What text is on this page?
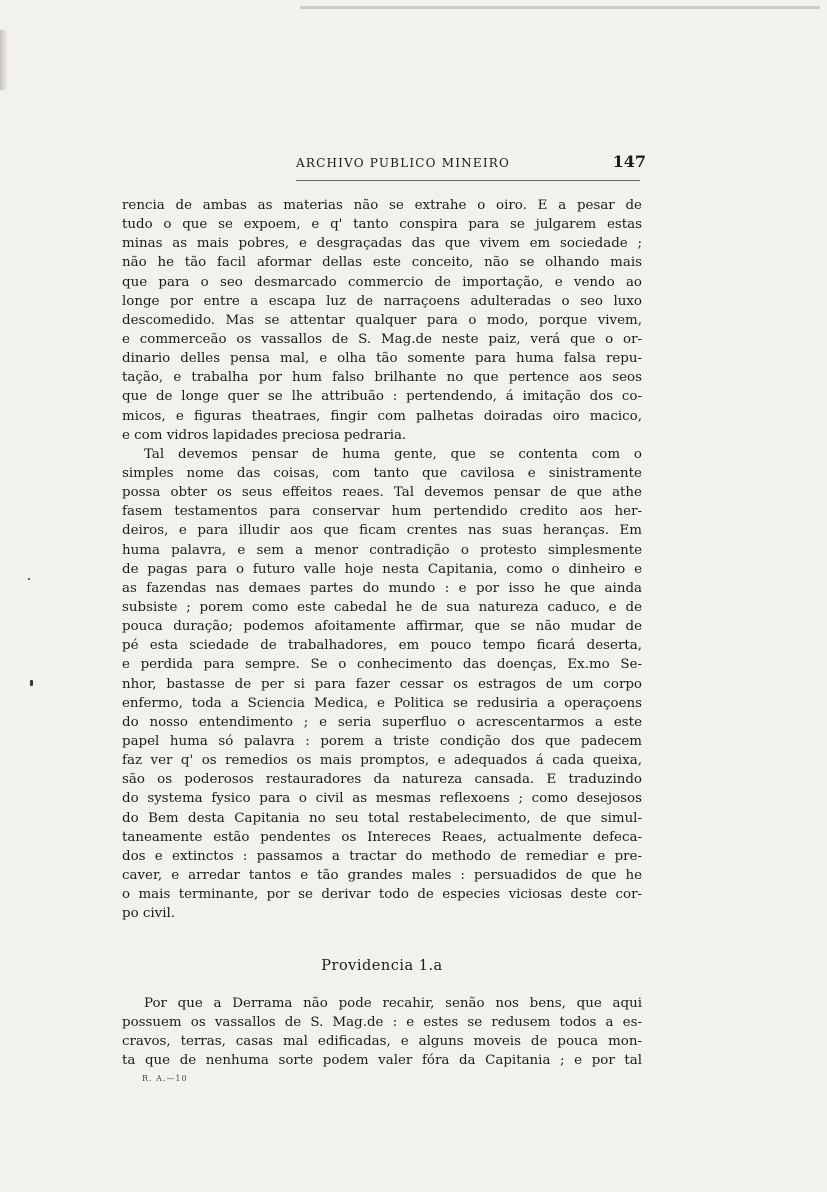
ARCHIVO PUBLICO MINEIRO	147
rencia de ambas as materias não se extrahe o oiro. E a pesar de
tudo o que se expoem, e q' tanto conspira para se julgarem estas
minas as mais pobres, e desgraçadas das que vivem em sociedade ;
não he tão facil aformar dellas este conceito, não se olhando mais
que para o seo desmarcado commercio de importação, e vendo ao
longe por entre a escapa luz de narraçoens adulteradas o seo luxo
descomedido. Mas se attentar qualquer para o modo, porque vivem,
e commerceão os vassallos de S. Mag.de neste paiz, verá que o or-
dinario delles pensa mal, e olha tão somente para huma falsa repu-
tação, e trabalha por hum falso brilhante no que pertence aos seos
que de longe quer se lhe attribuão : pertendendo, á imitação dos co-
micos, e figuras theatraes, fingir com palhetas doiradas oiro macico,
e com vidros lapidades preciosa pedraria.
Tal devemos pensar de huma gente, que se contenta com o
simples nome das coisas, com tanto que cavilosa e sinistramente
possa obter os seus effeitos reaes. Tal devemos pensar de que athe
fasem testamentos para conservar hum pertendido credito aos her-
deiros, e para illudir aos que ficam crentes nas suas heranças. Em
huma palavra, e sem a menor contradição o protesto simplesmente
de pagas para o futuro valle hoje nesta Capitania, como o dinheiro e
as fazendas nas demaes partes do mundo : e por isso he que ainda
subsiste ; porem como este cabedal he de sua natureza caduco, e de
pouca duração; podemos afoitamente affirmar, que se não mudar de
pé esta sciedade de trabalhadores, em pouco tempo ficará deserta,
e perdida para sempre. Se o conhecimento das doenças, Ex.mo Se-
nhor, bastasse de per si para fazer cessar os estragos de um corpo
enfermo, toda a Sciencia Medica, e Politica se redusiria a operaçoens
do nosso entendimento ; e seria superfluo o acrescentarmos a este
papel huma só palavra : porem a triste condição dos que padecem
faz ver q' os remedios os mais promptos, e adequados á cada queixa,
são os poderosos restauradores da natureza cansada. E traduzindo
do systema fysico para o civil as mesmas reflexoens ; como desejosos
do Bem desta Capitania no seu total restabelecimento, de que simul-
taneamente estão pendentes os Intereces Reaes, actualmente defeca-
dos e extinctos : passamos a tractar do methodo de remediar e pre-
caver, e arredar tantos e tão grandes males : persuadidos de que he
o mais terminante, por se derivar todo de especies viciosas deste cor-
po civil.
Providencia 1.a
Por que a Derrama não pode recahir, senão nos bens, que aqui
possuem os vassallos de S. Mag.de : e estes se redusem todos a es-
cravos, terras, casas mal edificadas, e alguns moveis de pouca mon-
ta que de nenhuma sorte podem valer fóra da Capitania ; e por tal
R. A.—10
